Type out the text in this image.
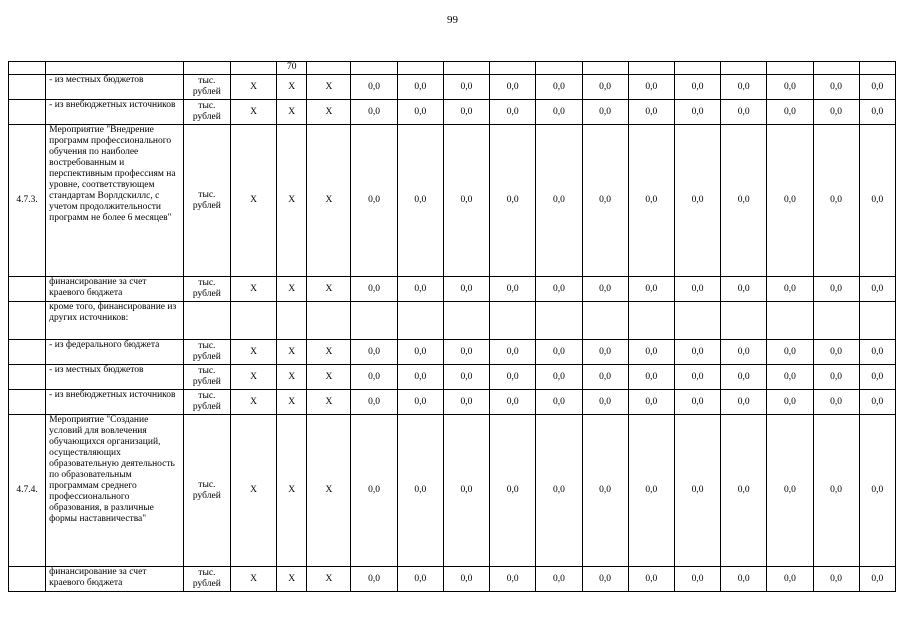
99
				70													
	- из местных бюджетов	тыс. рублей	X	X	X	0,0	0,0	0,0	0,0	0,0	0,0	0,0	0,0	0,0	0,0	0,0	0,0
	- из внебюджетных источников	тыс. рублей	X	X	X	0,0	0,0	0,0	0,0	0,0	0,0	0,0	0,0	0,0	0,0	0,0	0,0
4.7.3.	Мероприятие "Внедрение программ профессионального обучения по наиболее востребованным и перспективным профессиям на уровне, соответствующем стандартам Ворлдскиллс, с учетом продолжительности программ не более 6 месяцев"	тыс. рублей	X	X	X	0,0	0,0	0,0	0,0	0,0	0,0	0,0	0,0	0,0	0,0	0,0	0,0
	финансирование за счет краевого бюджета	тыс. рублей	X	X	X	0,0	0,0	0,0	0,0	0,0	0,0	0,0	0,0	0,0	0,0	0,0	0,0
	кроме того, финансирование из других источников:																
	- из федерального бюджета	тыс. рублей	X	X	X	0,0	0,0	0,0	0,0	0,0	0,0	0,0	0,0	0,0	0,0	0,0	0,0
	- из местных бюджетов	тыс. рублей	X	X	X	0,0	0,0	0,0	0,0	0,0	0,0	0,0	0,0	0,0	0,0	0,0	0,0
	- из внебюджетных источников	тыс. рублей	X	X	X	0,0	0,0	0,0	0,0	0,0	0,0	0,0	0,0	0,0	0,0	0,0	0,0
4.7.4.	Мероприятие "Создание условий для вовлечения обучающихся организаций, осуществляющих образовательную деятельность по образовательным программам среднего профессионального образования, в различные формы наставничества"	тыс. рублей	X	X	X	0,0	0,0	0,0	0,0	0,0	0,0	0,0	0,0	0,0	0,0	0,0	0,0
	финансирование за счет краевого бюджета	тыс. рублей	X	X	X	0,0	0,0	0,0	0,0	0,0	0,0	0,0	0,0	0,0	0,0	0,0	0,0
